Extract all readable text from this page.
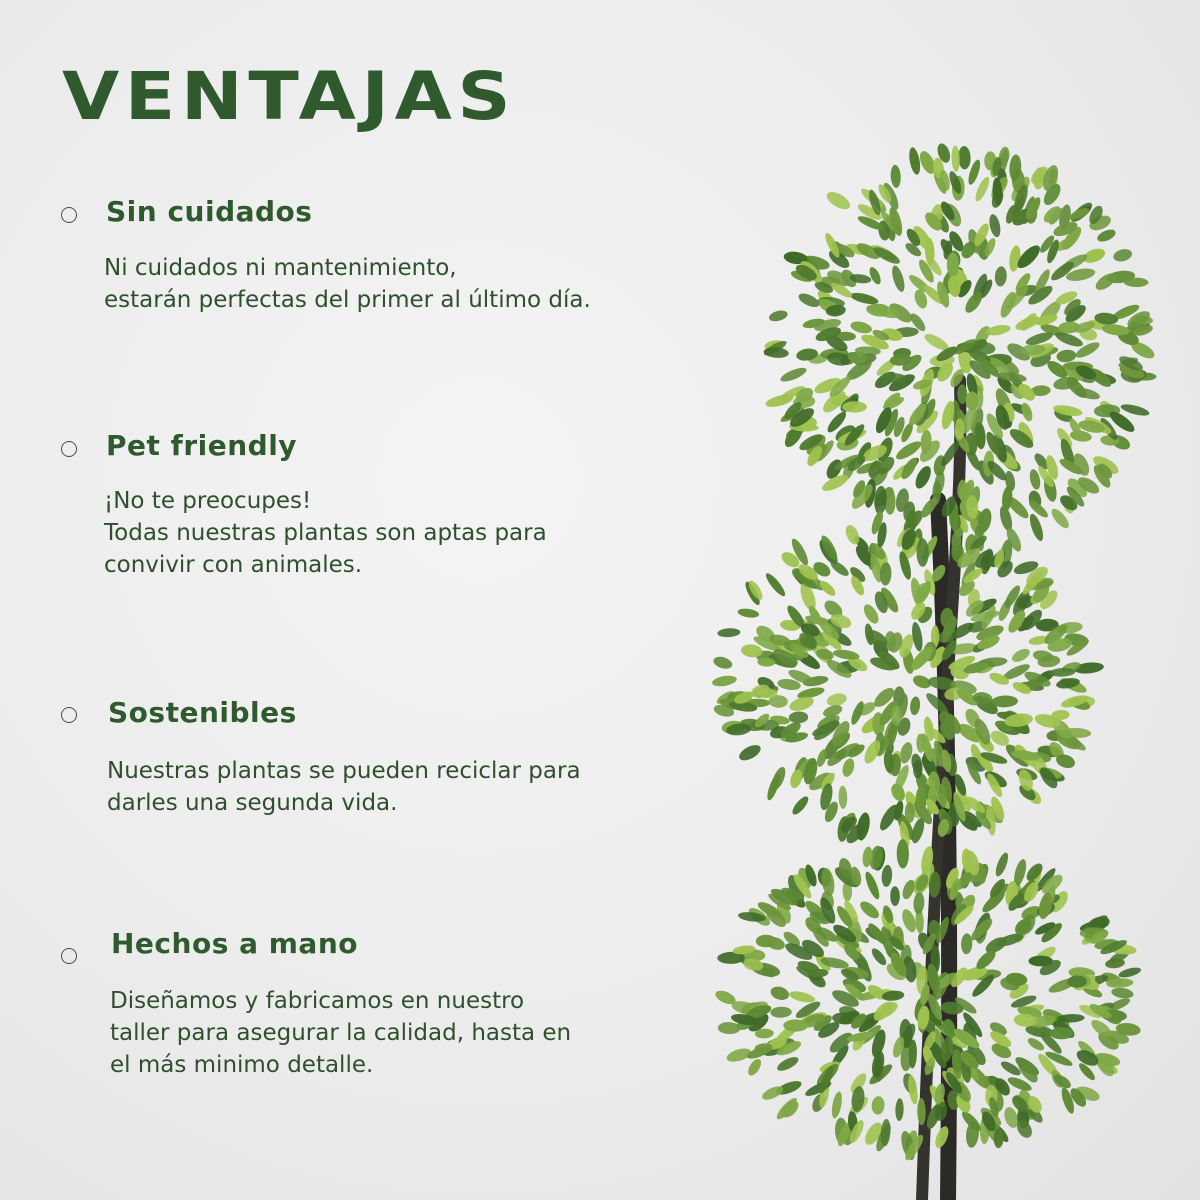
VENTAJAS
Sin cuidados
Ni cuidados ni mantenimiento,
estarán perfectas del primer al último día.
Pet friendly
¡No te preocupes!
Todas nuestras plantas son aptas para
convivir con animales.
Sostenibles
Nuestras plantas se pueden reciclar para
darles una segunda vida.
Hechos a mano
Diseñamos y fabricamos en nuestro
taller para asegurar la calidad, hasta en
el más minimo detalle.
